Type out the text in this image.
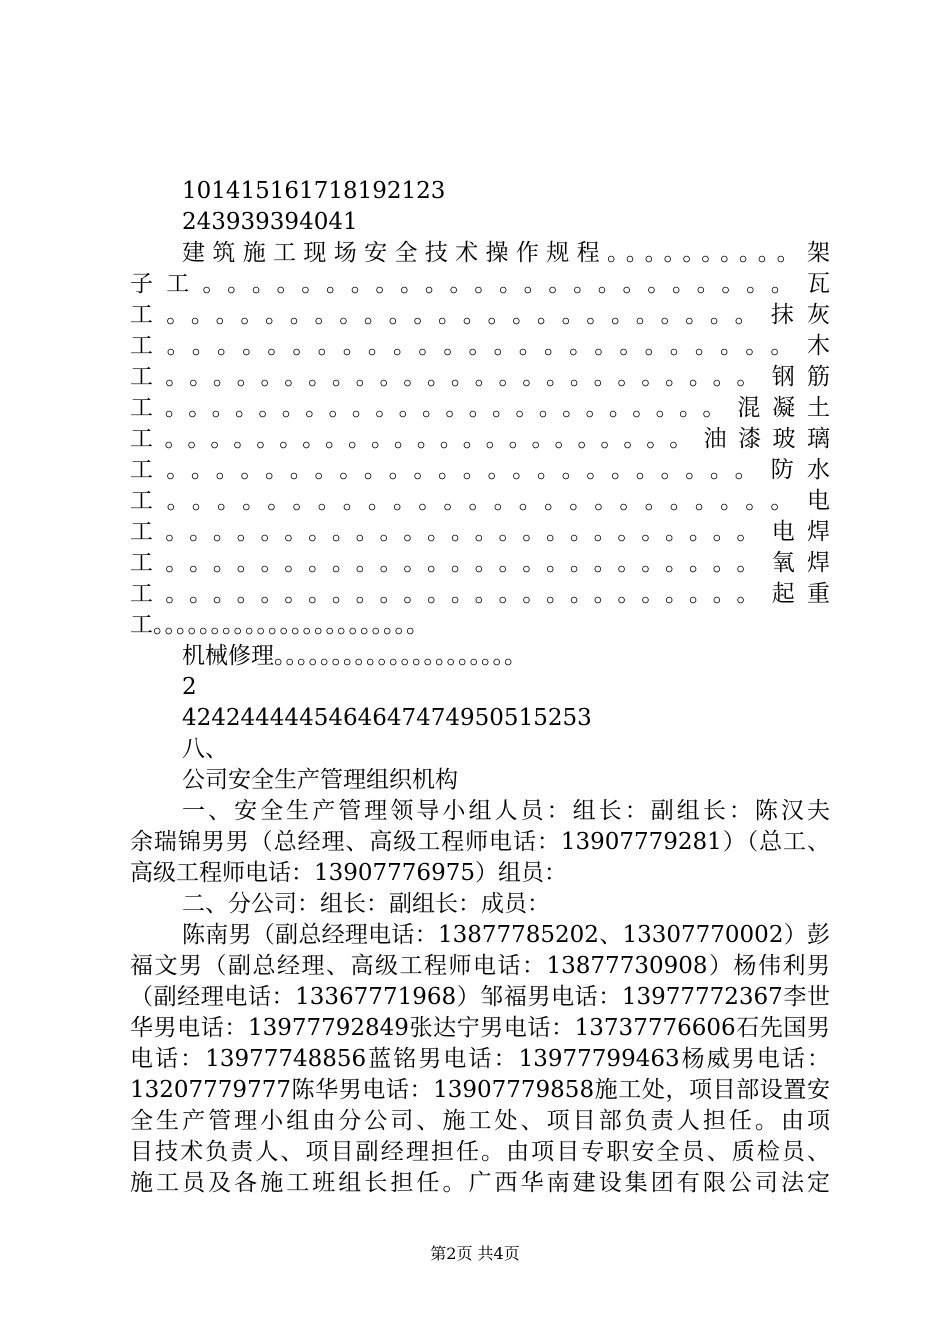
101415161718192123
243939394041
建筑施工现场安全技术操作规程。。。。。。。。。。架
子工。。。。。。。。。。。。。。。。。。。。。。。。瓦
工。。。。。。。。。。。。。。。。。。。。。。。。抹灰
工。。。。。。。。。。。。。。。。。。。。。。。。。木
工。。。。。。。。。。。。。。。。。。。。。。。。。钢筋
工。。。。。。。。。。。。。。。。。。。。。。。。混凝土
工。。。。。。。。。。。。。。。。。。。。。。。油漆玻璃
工。。。。。。。。。。。。。。。。。。。。。。。。防水
工。。。。。。。。。。。。。。。。。。。。。。。。。电
工。。。。。。。。。。。。。。。。。。。。。。。。。电焊
工。。。。。。。。。。。。。。。。。。。。。。。。。氧焊
工。。。。。。。。。。。。。。。。。。。。。。。。。起重
工。。。。。。。。。。。。。。。。。。。。。。。
机械修理。。。。。。。。。。。。。。。。。。。。。
2
4242444445464647474950515253
八、
公司安全生产管理组织机构
一、安全生产管理领导小组人员：组长：副组长：陈汉夫
余瑞锦男男（总经理、高级工程师电话：13907779281）（总工、
高级工程师电话：13907776975）组员：
二、分公司：组长：副组长：成员：
陈南男（副总经理电话：13877785202、13307770002）彭
福文男（副总经理、高级工程师电话：13877730908）杨伟利男
（副经理电话：13367771968）邹福男电话：13977772367李世
华男电话：13977792849张达宁男电话：13737776606石先国男
电话：13977748856蓝铭男电话：13977799463杨威男电话：
13207779777陈华男电话：13907779858施工处，项目部设置安
全生产管理小组由分公司、施工处、项目部负责人担任。由项
目技术负责人、项目副经理担任。由项目专职安全员、质检员、
施工员及各施工班组长担任。广西华南建设集团有限公司法定
第2页 共4页
